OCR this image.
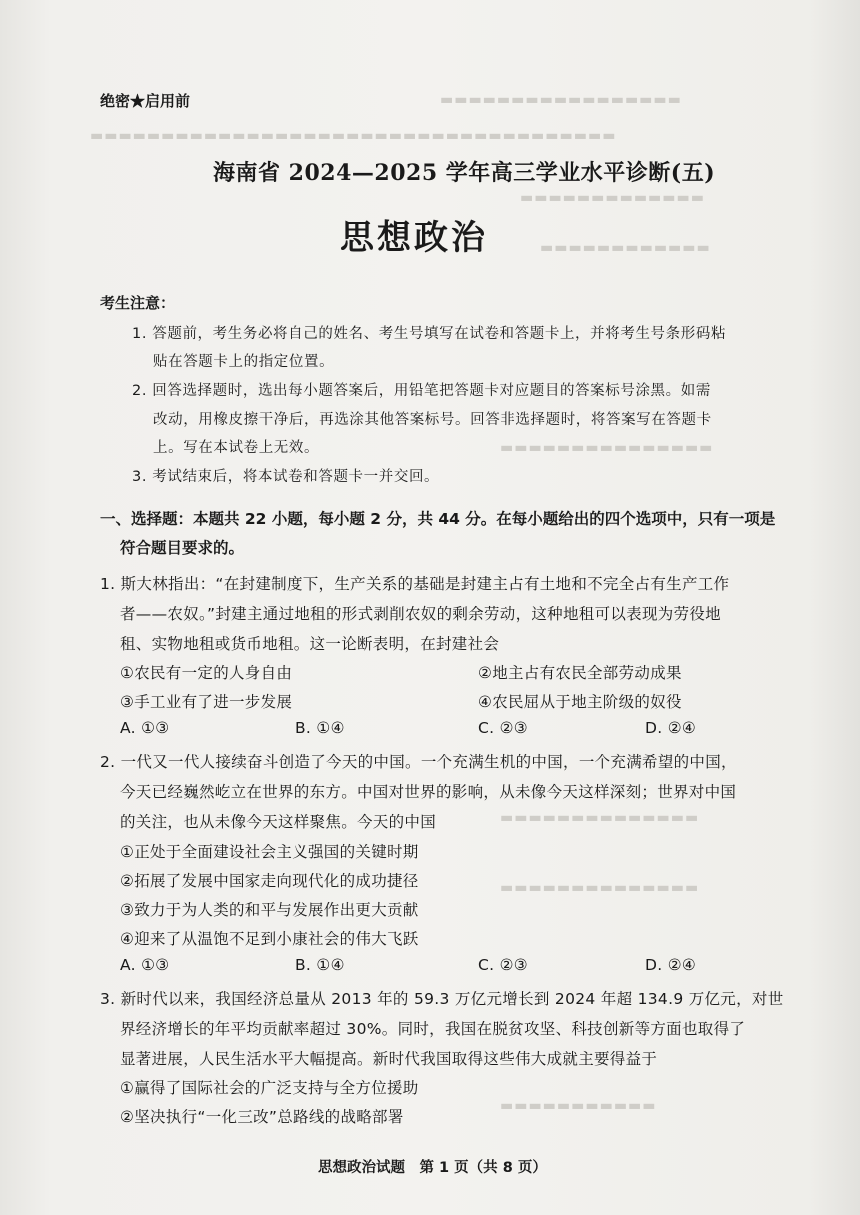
▬▬▬▬▬▬▬▬▬▬▬▬▬▬▬▬▬
▬▬▬▬▬▬▬▬▬▬▬▬▬▬▬▬▬▬▬▬▬▬▬▬▬▬▬▬▬▬▬▬▬▬▬▬▬
▬▬▬▬▬▬▬▬▬▬▬▬▬
▬▬▬▬▬▬▬▬▬▬▬▬
▬▬▬▬▬▬▬▬▬▬▬▬▬▬▬
▬▬▬▬▬▬▬▬▬▬▬▬▬▬
▬▬▬▬▬▬▬▬▬▬▬▬▬▬
▬▬▬▬▬▬▬▬▬▬▬
绝密★启用前
海南省 2024—2025 学年高三学业水平诊断(五)
思想政治
考生注意：
1. 答题前，考生务必将自己的姓名、考生号填写在试卷和答题卡上，并将考生号条形码粘
贴在答题卡上的指定位置。
2. 回答选择题时，选出每小题答案后，用铅笔把答题卡对应题目的答案标号涂黑。如需
改动，用橡皮擦干净后，再选涂其他答案标号。回答非选择题时，将答案写在答题卡
上。写在本试卷上无效。
3. 考试结束后，将本试卷和答题卡一并交回。
一、选择题：本题共 22 小题，每小题 2 分，共 44 分。在每小题给出的四个选项中，只有一项是
符合题目要求的。
1. 斯大林指出：“在封建制度下，生产关系的基础是封建主占有土地和不完全占有生产工作
者——农奴。”封建主通过地租的形式剥削农奴的剩余劳动，这种地租可以表现为劳役地
租、实物地租或货币地租。这一论断表明，在封建社会
①农民有一定的人身自由	②地主占有农民全部劳动成果
③手工业有了进一步发展	④农民屈从于地主阶级的奴役
A. ①③	B. ①④	C. ②③	D. ②④
2. 一代又一代人接续奋斗创造了今天的中国。一个充满生机的中国，一个充满希望的中国，
今天已经巍然屹立在世界的东方。中国对世界的影响，从未像今天这样深刻；世界对中国
的关注，也从未像今天这样聚焦。今天的中国
①正处于全面建设社会主义强国的关键时期
②拓展了发展中国家走向现代化的成功捷径
③致力于为人类的和平与发展作出更大贡献
④迎来了从温饱不足到小康社会的伟大飞跃
A. ①③	B. ①④	C. ②③	D. ②④
3. 新时代以来，我国经济总量从 2013 年的 59.3 万亿元增长到 2024 年超 134.9 万亿元，对世
界经济增长的年平均贡献率超过 30%。同时，我国在脱贫攻坚、科技创新等方面也取得了
显著进展，人民生活水平大幅提高。新时代我国取得这些伟大成就主要得益于
①赢得了国际社会的广泛支持与全方位援助
②坚决执行“一化三改”总路线的战略部署
思想政治试题　第 1 页（共 8 页）
